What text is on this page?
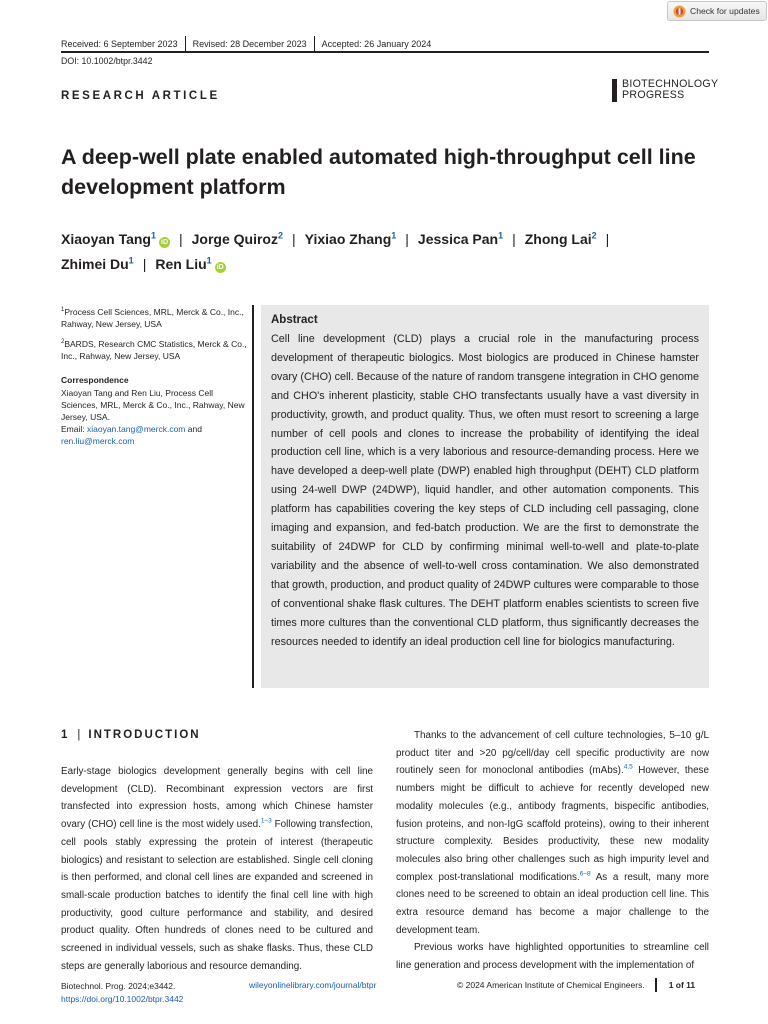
Check for updates
Received: 6 September 2023 Revised: 28 December 2023 Accepted: 26 January 2024
DOI: 10.1002/btpr.3442
RESEARCH ARTICLE
BIOTECHNOLOGY
PROGRESS
A deep-well plate enabled automated high-throughput cell line development platform
Xiaoyan Tang$^1$iD | Jorge Quiroz$^2$ | Yixiao Zhang$^1$ | Jessica Pan$^1$ | Zhong Lai$^2$ |
Zhimei Du$^1$ | Ren Liu$^1$iD

$^1$Process Cell Sciences, MRL, Merck & Co., Inc., Rahway, New Jersey, USA

$^2$BARDS, Research CMC Statistics, Merck & Co., Inc., Rahway, New Jersey, USA

Correspondence

Xiaoyan Tang and Ren Liu, Process Cell Sciences, MRL, Merck & Co., Inc., Rahway, New Jersey, USA.
Email: xiaoyan.tang@merck.com and ren.liu@merck.com

Abstract
Cell line development (CLD) plays a crucial role in the manufacturing process development of therapeutic biologics. Most biologics are produced in Chinese hamster ovary (CHO) cell. Because of the nature of random transgene integration in CHO genome and CHO's inherent plasticity, stable CHO transfectants usually have a vast diversity in productivity, growth, and product quality. Thus, we often must resort to screening a large number of cell pools and clones to increase the probability of identifying the ideal production cell line, which is a very laborious and resource-demanding process. Here we have developed a deep-well plate (DWP) enabled high throughput (DEHT) CLD platform using 24-well DWP (24DWP), liquid handler, and other automation components. This platform has capabilities covering the key steps of CLD including cell passaging, clone imaging and expansion, and fed-batch production. We are the first to demonstrate the suitability of 24DWP for CLD by confirming minimal well-to-well and plate-to-plate variability and the absence of well-to-well cross contamination. We also demonstrated that growth, production, and product quality of 24DWP cultures were comparable to those of conventional shake flask cultures. The DEHT platform enables scientists to screen five times more cultures than the conventional CLD platform, thus significantly decreases the resources needed to identify an ideal production cell line for biologics manufacturing.
1 | INTRODUCTION

Early-stage biologics development generally begins with cell line development (CLD). Recombinant expression vectors are first transfected into expression hosts, among which Chinese hamster ovary (CHO) cell line is the most widely used.$^{1-3}$ Following transfection, cell pools stably expressing the protein of interest (therapeutic biologics) and resistant to selection are established. Single cell cloning is then performed, and clonal cell lines are expanded and screened in small-scale production batches to identify the final cell line with high productivity, good culture performance and stability, and desired product quality. Often hundreds of clones need to be cultured and screened in individual vessels, such as shake flasks. Thus, these CLD steps are generally laborious and resource demanding.

Thanks to the advancement of cell culture technologies, 5–10 g/L product titer and >20 pg/cell/day cell specific productivity are now routinely seen for monoclonal antibodies (mAbs).$^{4,5}$ However, these numbers might be difficult to achieve for recently developed new modality molecules (e.g., antibody fragments, bispecific antibodies, fusion proteins, and non-IgG scaffold proteins), owing to their inherent structure complexity. Besides productivity, these new modality molecules also bring other challenges such as high impurity level and complex post-translational modifications.$^{6-8}$ As a result, many more clones need to be screened to obtain an ideal production cell line. This extra resource demand has become a major challenge to the development team.

Previous works have highlighted opportunities to streamline cell line generation and process development with the implementation of

Biotechnol. Prog. 2024;e3442.
https://doi.org/10.1002/btpr.3442
wileyonlinelibrary.com/journal/btpr	© 2024 American Institute of Chemical Engineers.	1 of 11
